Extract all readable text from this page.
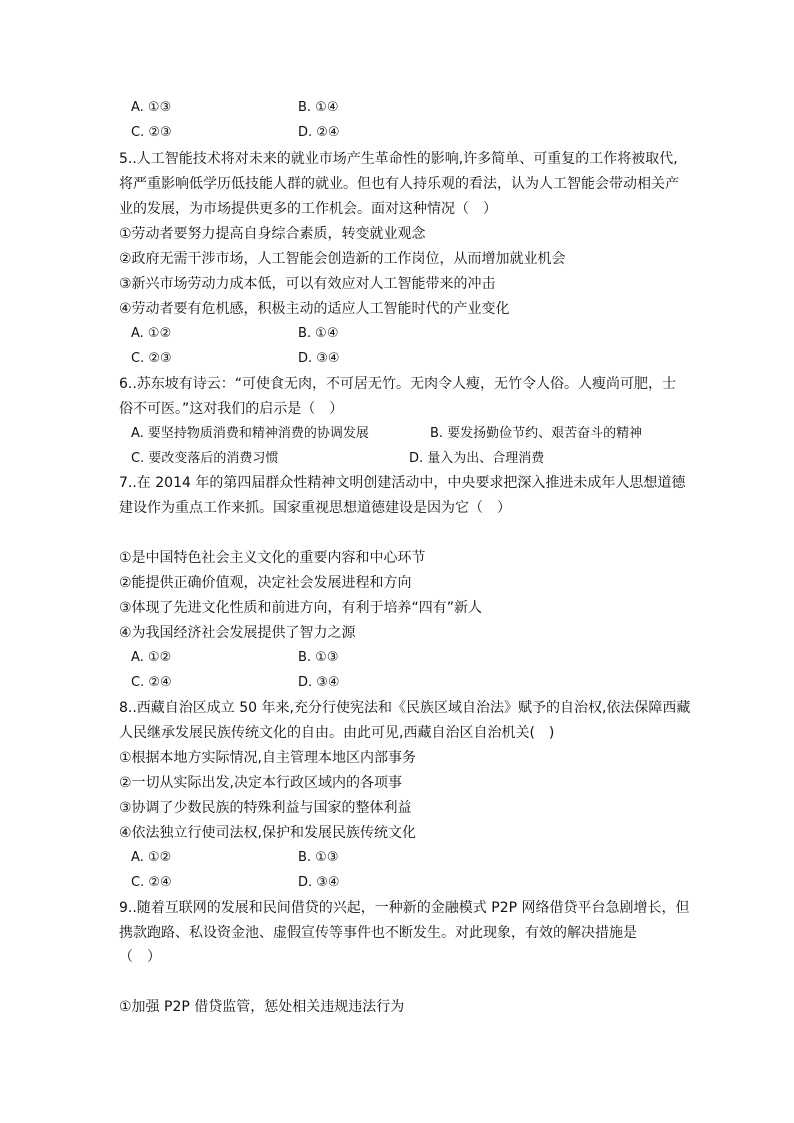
A. ①③	B. ①④
C. ②③	D. ②④
5..人工智能技术将对未来的就业市场产生革命性的影响,许多简单、可重复的工作将被取代,
将严重影响低学历低技能人群的就业。但也有人持乐观的看法，认为人工智能会带动相关产
业的发展，为市场提供更多的工作机会。面对这种情况（　）
①劳动者要努力提高自身综合素质，转变就业观念
②政府无需干涉市场，人工智能会创造新的工作岗位，从而增加就业机会
③新兴市场劳动力成本低，可以有效应对人工智能带来的冲击
④劳动者要有危机感，积极主动的适应人工智能时代的产业变化
A. ①②	B. ①④
C. ②③	D. ③④
6..苏东坡有诗云：“可使食无肉，不可居无竹。无肉令人瘦，无竹令人俗。人瘦尚可肥，士
俗不可医。”这对我们的启示是（　）
A. 要坚持物质消费和精神消费的协调发展	B. 要发扬勤俭节约、艰苦奋斗的精神
C. 要改变落后的消费习惯	D. 量入为出、合理消费
7..在 2014 年的第四届群众性精神文明创建活动中，中央要求把深入推进未成年人思想道德
建设作为重点工作来抓。国家重视思想道德建设是因为它（　）
①是中国特色社会主义文化的重要内容和中心环节
②能提供正确价值观，决定社会发展进程和方向
③体现了先进文化性质和前进方向，有利于培养“四有”新人
④为我国经济社会发展提供了智力之源
A. ①②	B. ①③
C. ②④	D. ③④
8..西藏自治区成立 50 年来,充分行使宪法和《民族区域自治法》赋予的自治权,依法保障西藏
人民继承发展民族传统文化的自由。由此可见,西藏自治区自治机关(　)
①根据本地方实际情况,自主管理本地区内部事务
②一切从实际出发,决定本行政区域内的各项事
③协调了少数民族的特殊利益与国家的整体利益
④依法独立行使司法权,保护和发展民族传统文化
A. ①②	B. ①③
C. ②④	D. ③④
9..随着互联网的发展和民间借贷的兴起，一种新的金融模式 P2P 网络借贷平台急剧增长，但
携款跑路、私设资金池、虚假宣传等事件也不断发生。对此现象，有效的解决措施是
（　）
①加强 P2P 借贷监管，惩处相关违规违法行为
